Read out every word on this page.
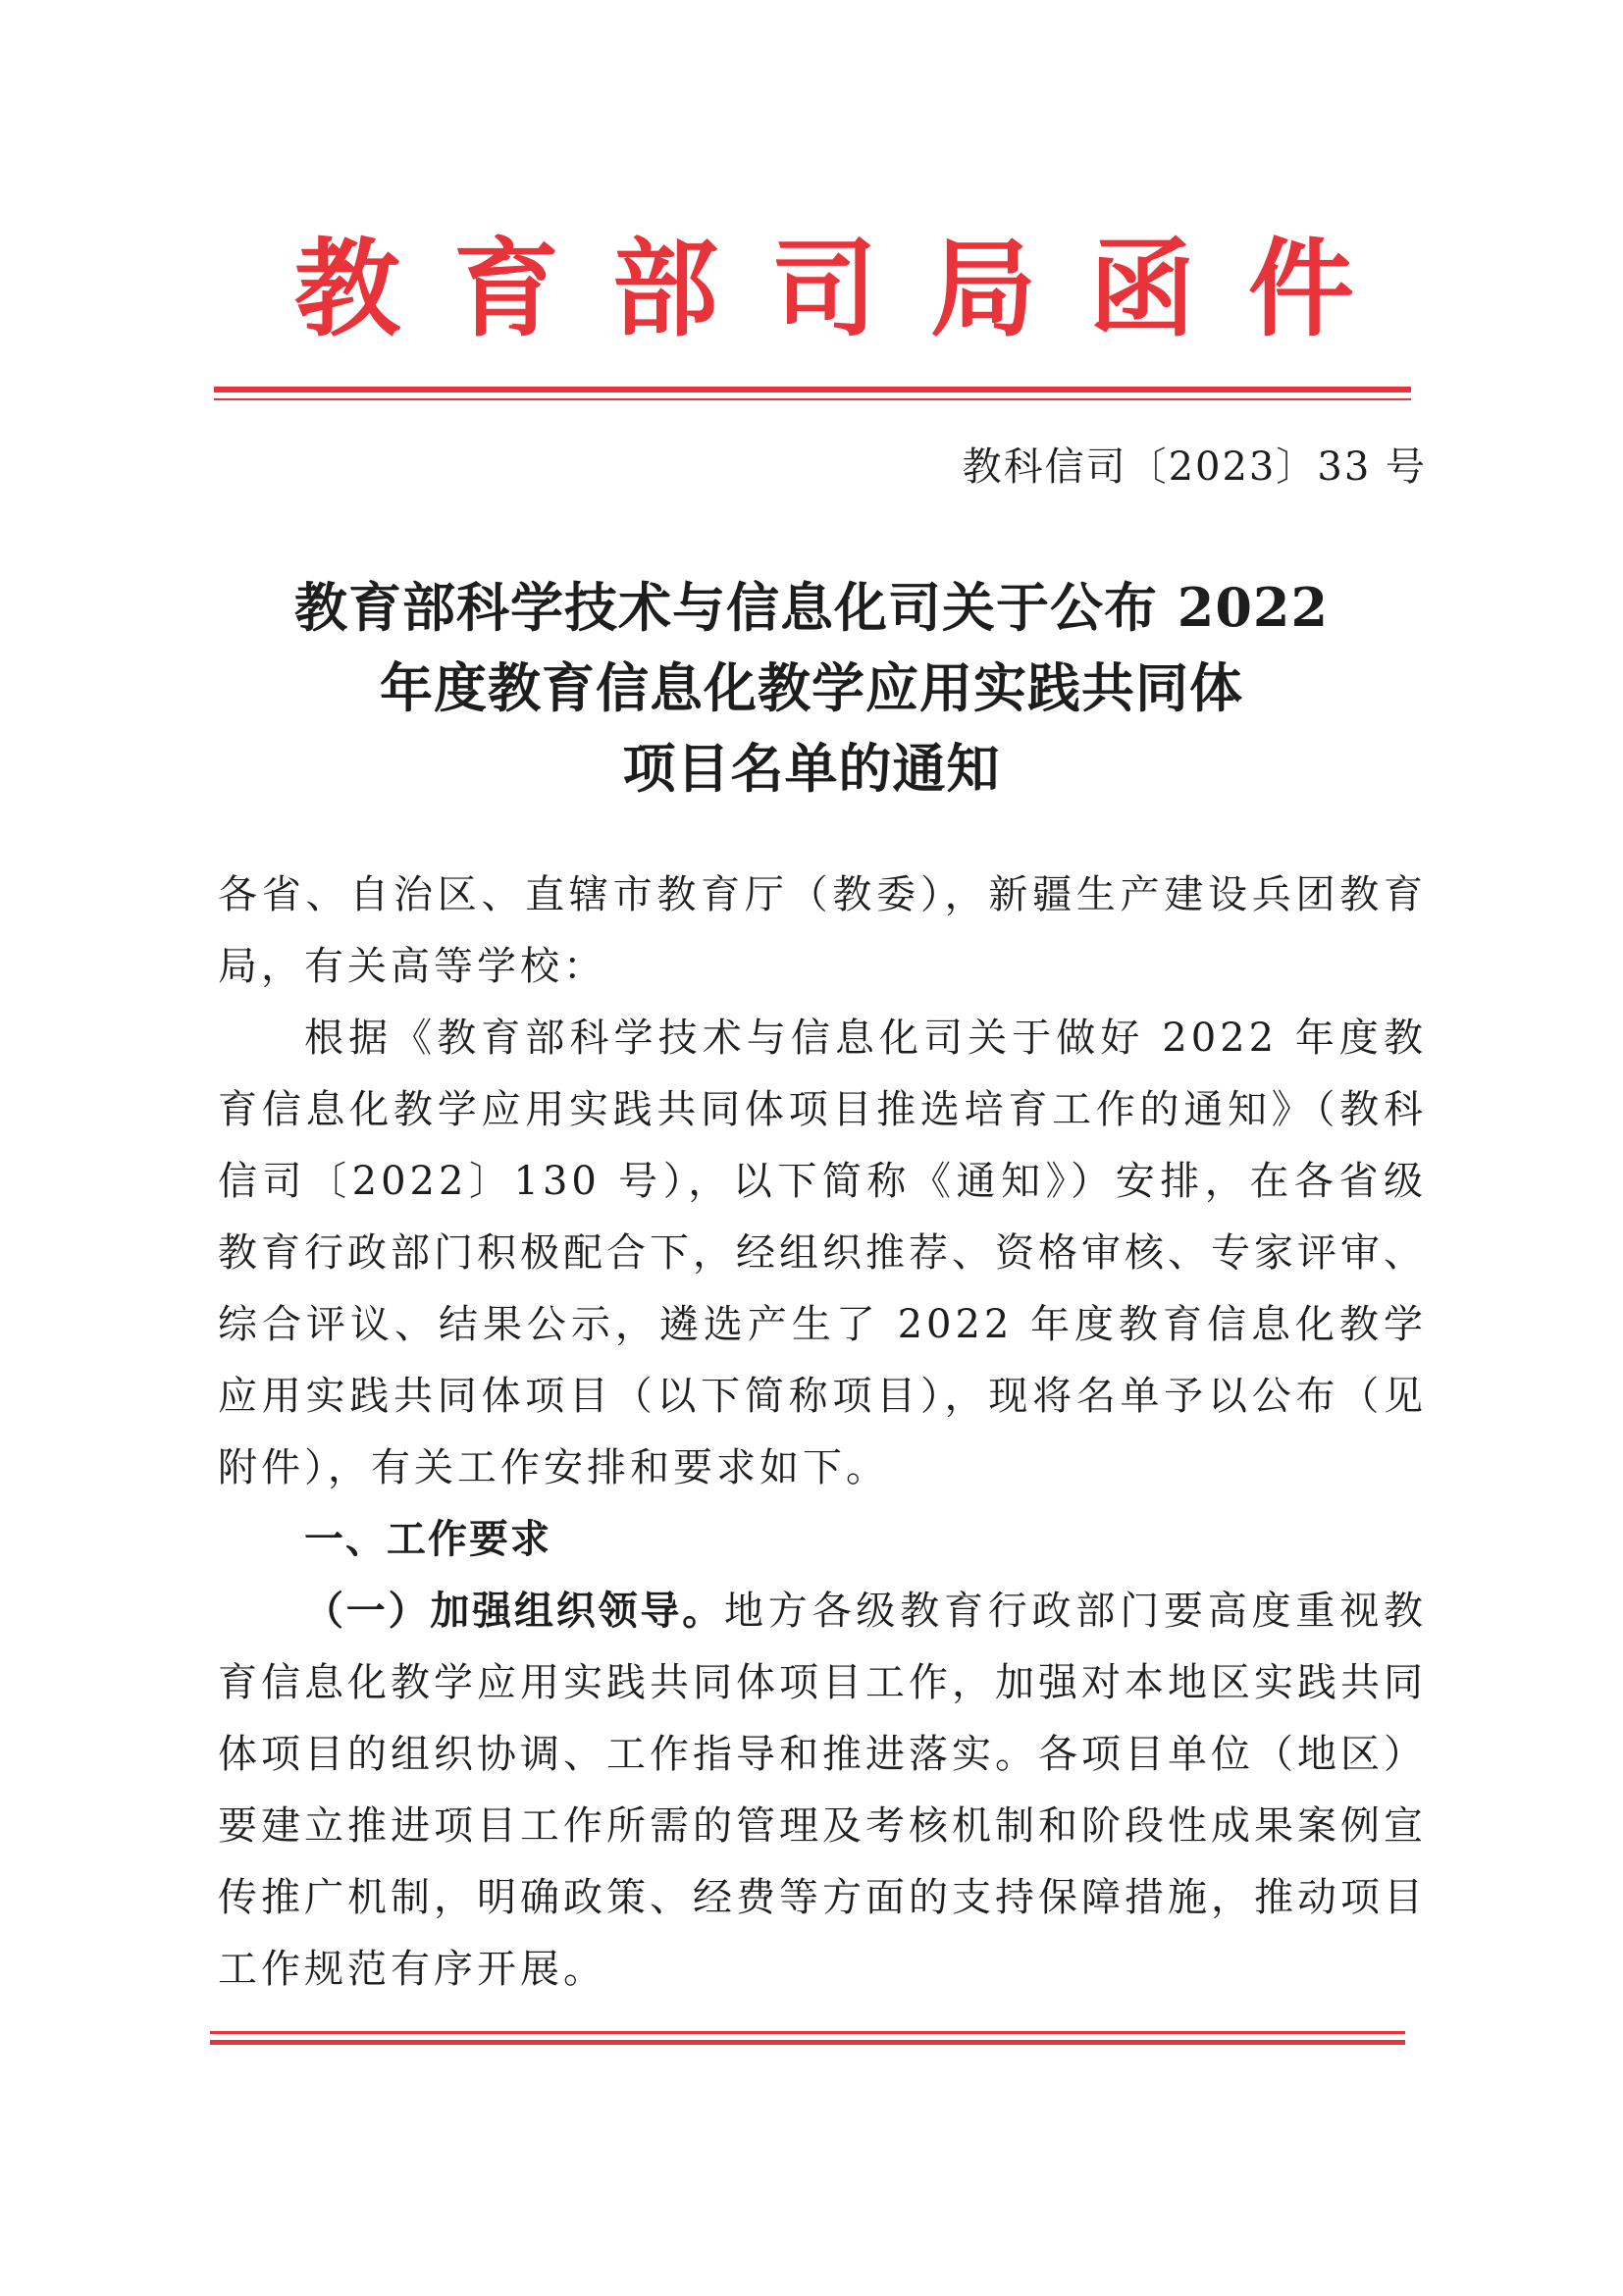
教 育 部 司 局 函 件
教科信司〔2023〕33 号
教育部科学技术与信息化司关于公布 2022
年度教育信息化教学应用实践共同体
项目名单的通知

各省、自治区、直辖市教育厅（教委），新疆生产建设兵团教育局，有关高等学校：

根据《教育部科学技术与信息化司关于做好 2022 年度教育信息化教学应用实践共同体项目推选培育工作的通知》（教科信司〔2022〕130 号），以下简称《通知》）安排，在各省级教育行政部门积极配合下，经组织推荐、资格审核、专家评审、综合评议、结果公示，遴选产生了 2022 年度教育信息化教学应用实践共同体项目（以下简称项目），现将名单予以公布（见附件），有关工作安排和要求如下。

一、工作要求

（一）加强组织领导。地方各级教育行政部门要高度重视教育信息化教学应用实践共同体项目工作，加强对本地区实践共同体项目的组织协调、工作指导和推进落实。各项目单位（地区）要建立推进项目工作所需的管理及考核机制和阶段性成果案例宣传推广机制，明确政策、经费等方面的支持保障措施，推动项目工作规范有序开展。
